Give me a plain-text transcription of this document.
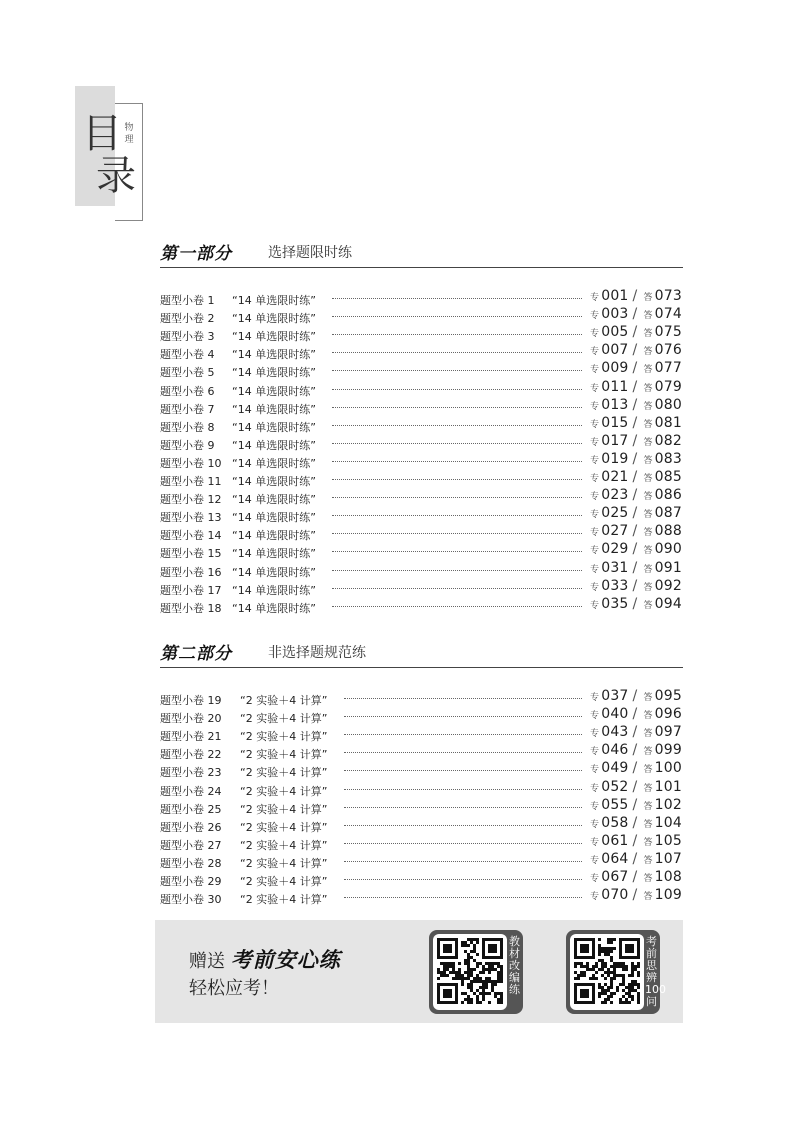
目
录
物理
第一部分	选择题限时练
题型小卷 1 “14 单选限时练”	专 001 / 答 073
题型小卷 2 “14 单选限时练”	专 003 / 答 074
题型小卷 3 “14 单选限时练”	专 005 / 答 075
题型小卷 4 “14 单选限时练”	专 007 / 答 076
题型小卷 5 “14 单选限时练”	专 009 / 答 077
题型小卷 6 “14 单选限时练”	专 011 / 答 079
题型小卷 7 “14 单选限时练”	专 013 / 答 080
题型小卷 8 “14 单选限时练”	专 015 / 答 081
题型小卷 9 “14 单选限时练”	专 017 / 答 082
题型小卷 10 “14 单选限时练”	专 019 / 答 083
题型小卷 11 “14 单选限时练”	专 021 / 答 085
题型小卷 12 “14 单选限时练”	专 023 / 答 086
题型小卷 13 “14 单选限时练”	专 025 / 答 087
题型小卷 14 “14 单选限时练”	专 027 / 答 088
题型小卷 15 “14 单选限时练”	专 029 / 答 090
题型小卷 16 “14 单选限时练”	专 031 / 答 091
题型小卷 17 “14 单选限时练”	专 033 / 答 092
题型小卷 18 “14 单选限时练”	专 035 / 答 094
第二部分	非选择题规范练
题型小卷 19 “2 实验＋4 计算”	专 037 / 答 095
题型小卷 20 “2 实验＋4 计算”	专 040 / 答 096
题型小卷 21 “2 实验＋4 计算”	专 043 / 答 097
题型小卷 22 “2 实验＋4 计算”	专 046 / 答 099
题型小卷 23 “2 实验＋4 计算”	专 049 / 答 100
题型小卷 24 “2 实验＋4 计算”	专 052 / 答 101
题型小卷 25 “2 实验＋4 计算”	专 055 / 答 102
题型小卷 26 “2 实验＋4 计算”	专 058 / 答 104
题型小卷 27 “2 实验＋4 计算”	专 061 / 答 105
题型小卷 28 “2 实验＋4 计算”	专 064 / 答 107
题型小卷 29 “2 实验＋4 计算”	专 067 / 答 108
题型小卷 30 “2 实验＋4 计算”	专 070 / 答 109
赠送 考前安心练
轻松应考！
教材改编练
考前思辨100问
